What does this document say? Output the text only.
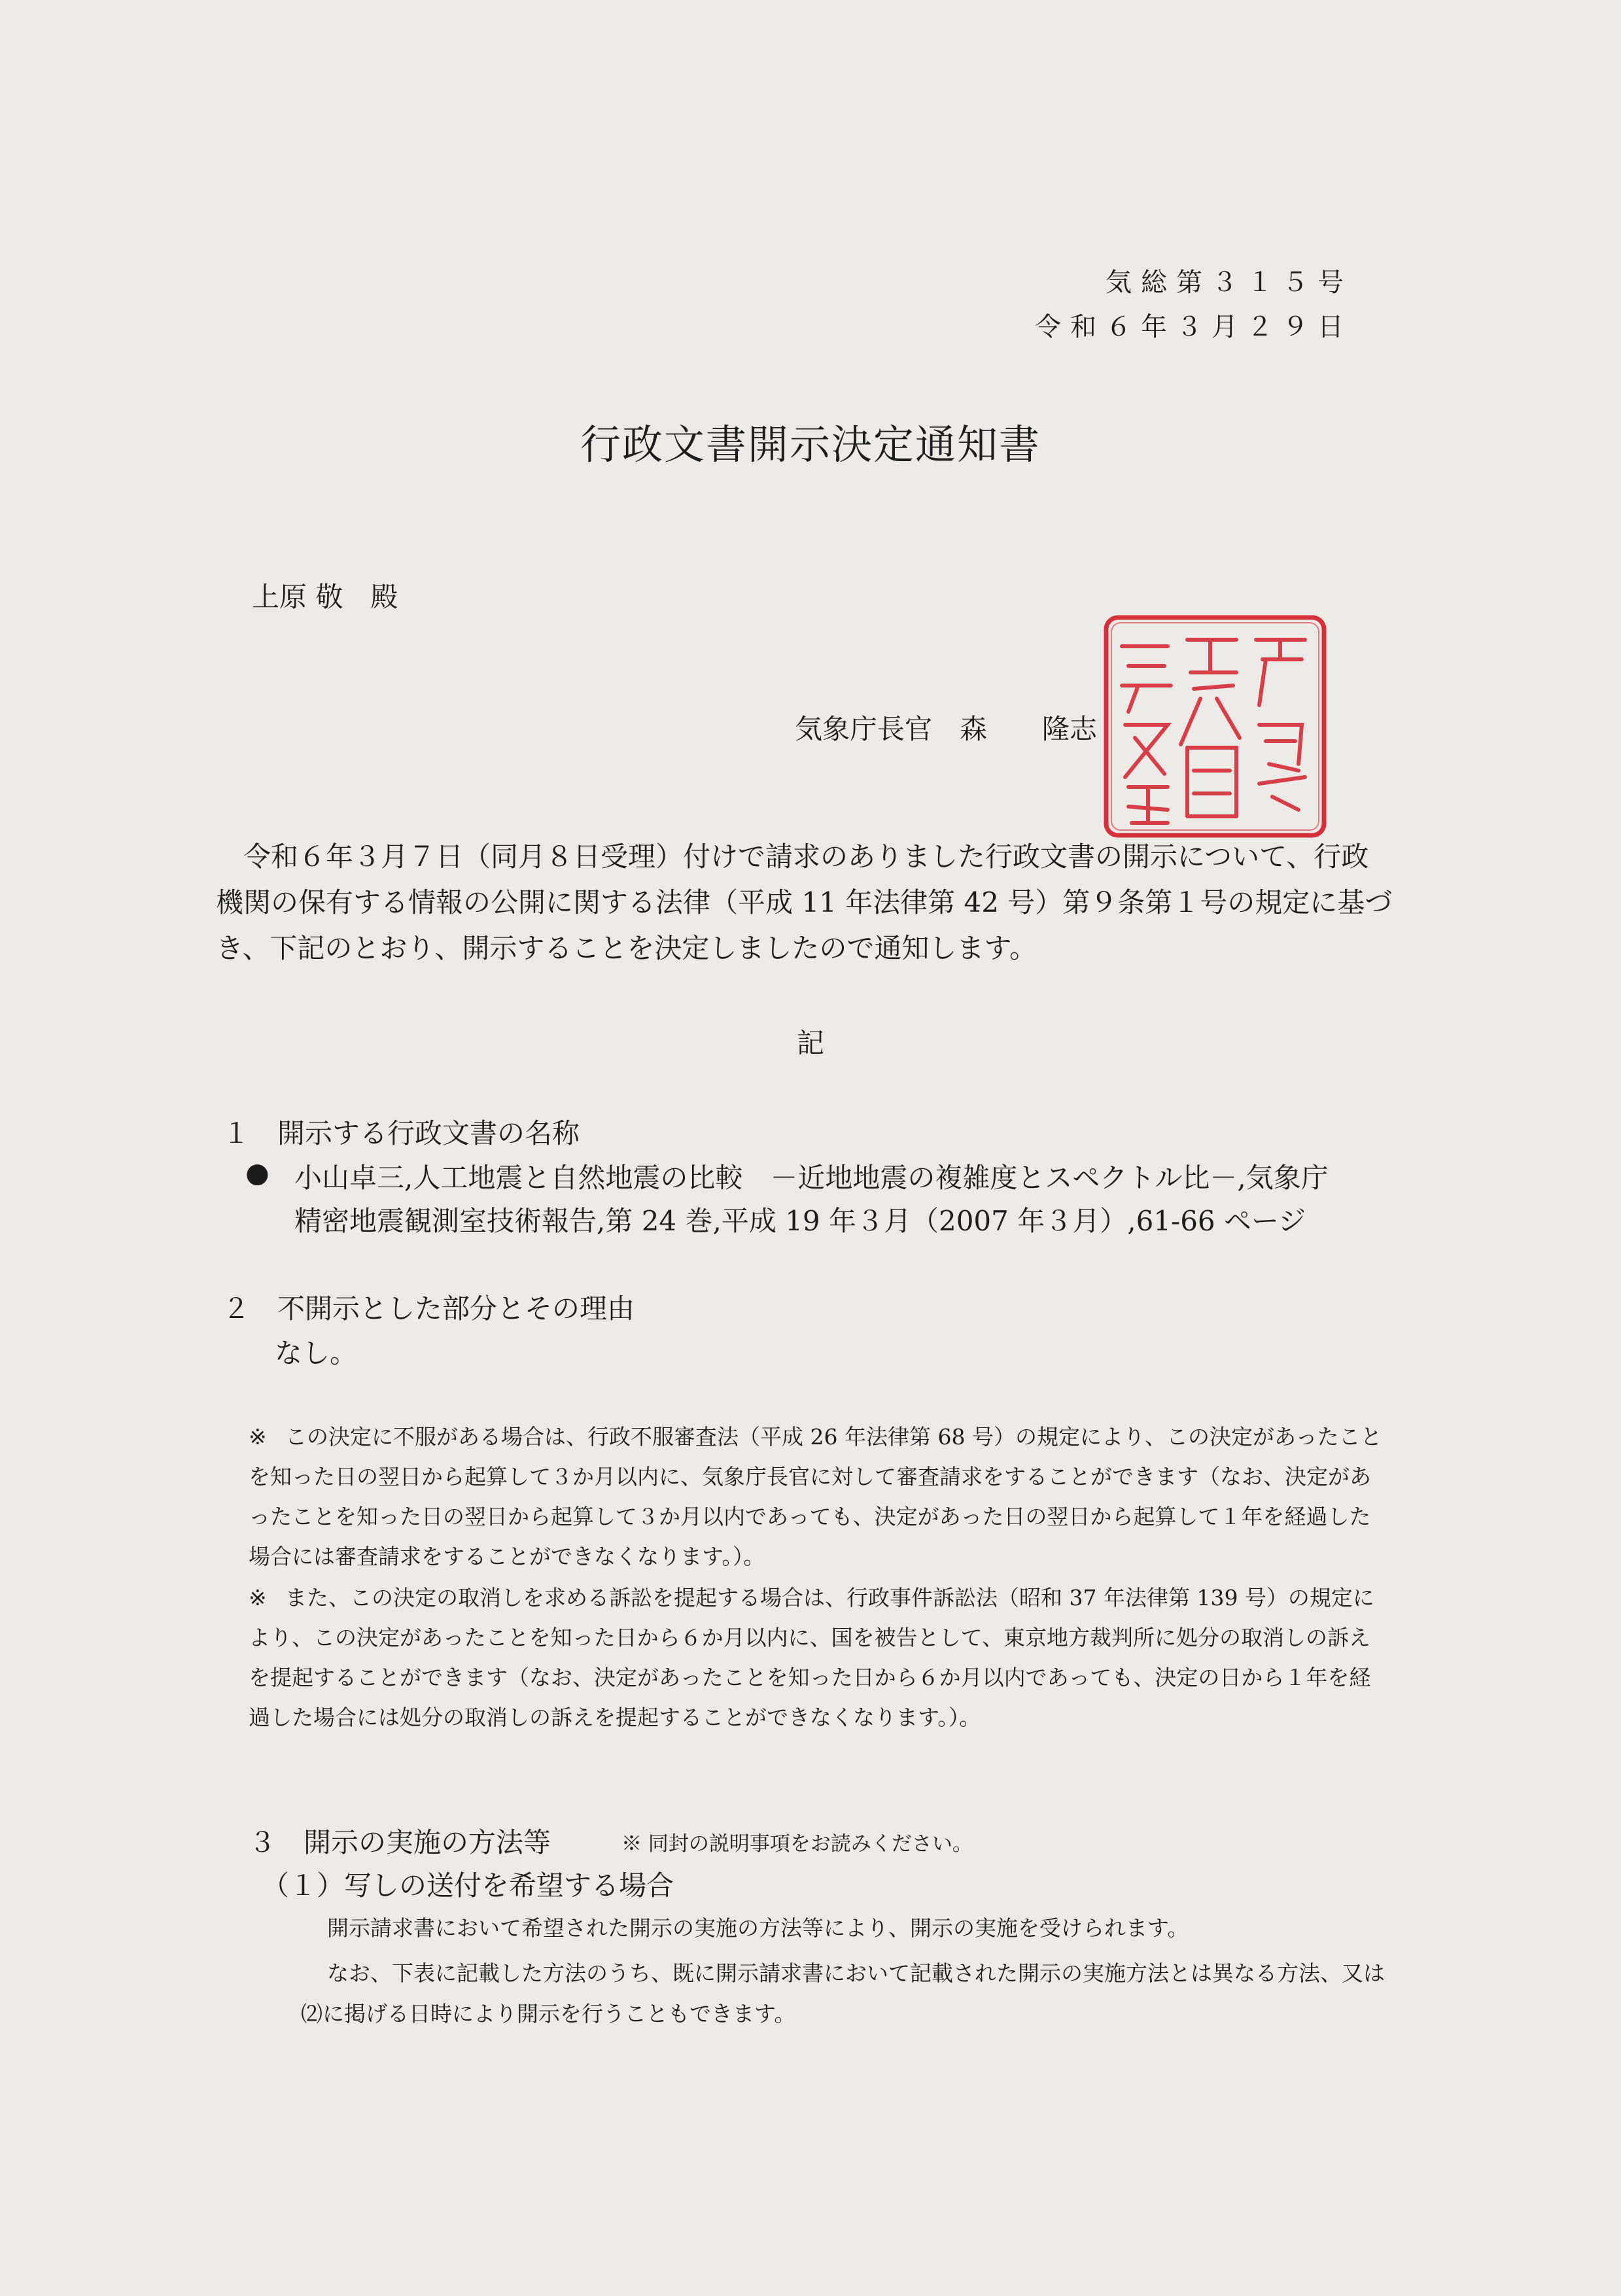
気総第３１５号
令和６年３月２９日
行政文書開示決定通知書
上原 敬　殿
気象庁長官　森　　隆志
令和６年３月７日（同月８日受理）付けで請求のありました行政文書の開示について、行政機関の保有する情報の公開に関する法律（平成 11 年法律第 42 号）第９条第１号の規定に基づき、下記のとおり、開示することを決定しましたので通知します。
記
１　開示する行政文書の名称
● 小山卓三,人工地震と自然地震の比較　－近地地震の複雑度とスペクトル比－,気象庁
精密地震観測室技術報告,第 24 巻,平成 19 年３月（2007 年３月）,61-66 ページ
２　不開示とした部分とその理由
なし。
※ この決定に不服がある場合は、行政不服審査法（平成 26 年法律第 68 号）の規定により、この決定があったことを知った日の翌日から起算して３か月以内に、気象庁長官に対して審査請求をすることができます（なお、決定があったことを知った日の翌日から起算して３か月以内であっても、決定があった日の翌日から起算して１年を経過した場合には審査請求をすることができなくなります。）。
※ また、この決定の取消しを求める訴訟を提起する場合は、行政事件訴訟法（昭和 37 年法律第 139 号）の規定により、この決定があったことを知った日から６か月以内に、国を被告として、東京地方裁判所に処分の取消しの訴えを提起することができます（なお、決定があったことを知った日から６か月以内であっても、決定の日から１年を経過した場合には処分の取消しの訴えを提起することができなくなります。）。
３　開示の実施の方法等	※ 同封の説明事項をお読みください。
（１）写しの送付を希望する場合
開示請求書において希望された開示の実施の方法等により、開示の実施を受けられます。
なお、下表に記載した方法のうち、既に開示請求書において記載された開示の実施方法とは異なる方法、又は⑵に掲げる日時により開示を行うこともできます。
